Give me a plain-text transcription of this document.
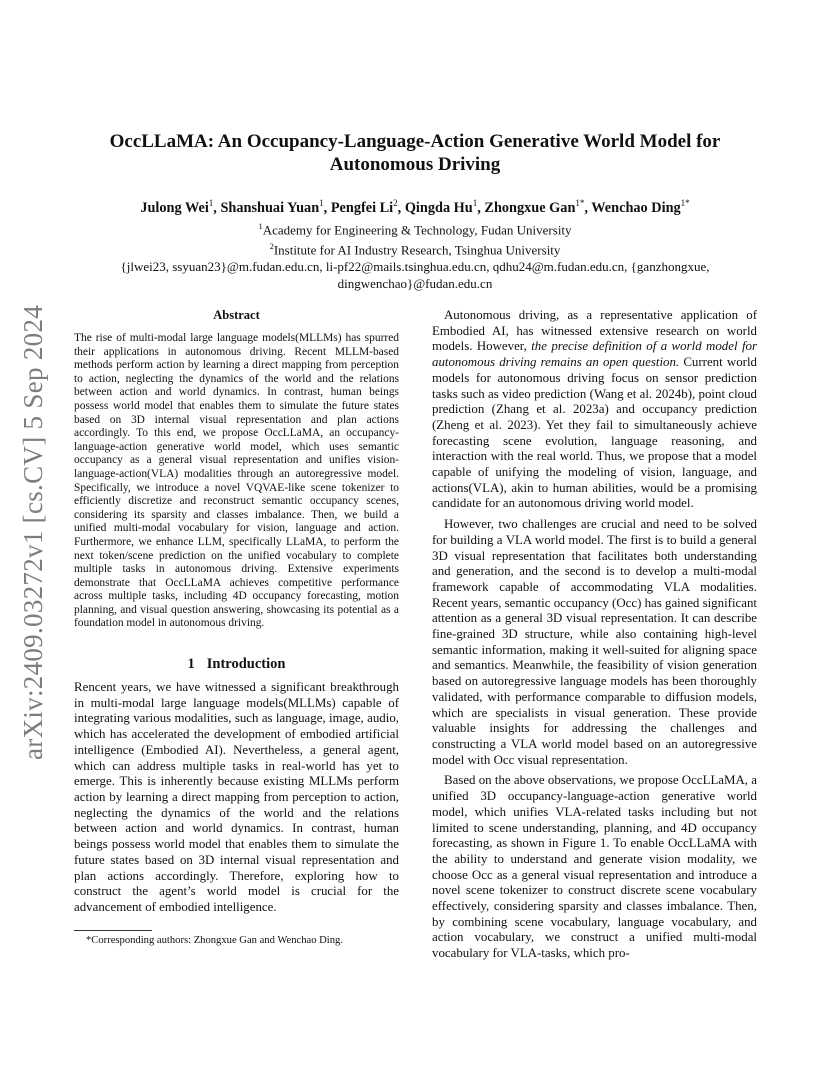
arXiv:2409.03272v1 [cs.CV] 5 Sep 2024
OccLLaMA: An Occupancy-Language-Action Generative World Model for Autonomous Driving
Julong Wei$^1$, Shanshuai Yuan$^1$, Pengfei Li$^2$, Qingda Hu$^1$, Zhongxue Gan$^{1*}$, Wenchao Ding$^{1*}$
$^1$Academy for Engineering & Technology, Fudan University
$^2$Institute for AI Industry Research, Tsinghua University
{jlwei23, ssyuan23}@m.fudan.edu.cn, li-pf22@mails.tsinghua.edu.cn, qdhu24@m.fudan.edu.cn, {ganzhongxue, dingwenchao}@fudan.edu.cn
Abstract

The rise of multi-modal large language models(MLLMs) has spurred their applications in autonomous driving. Recent MLLM-based methods perform action by learning a direct mapping from perception to action, neglecting the dynamics of the world and the relations between action and world dynamics. In contrast, human beings possess world model that enables them to simulate the future states based on 3D internal visual representation and plan actions accordingly. To this end, we propose OccLLaMA, an occupancy-language-action generative world model, which uses semantic occupancy as a general visual representation and unifies vision-language-action(VLA) modalities through an autoregressive model. Specifically, we introduce a novel VQVAE-like scene tokenizer to efficiently discretize and reconstruct semantic occupancy scenes, considering its sparsity and classes imbalance. Then, we build a unified multi-modal vocabulary for vision, language and action. Furthermore, we enhance LLM, specifically LLaMA, to perform the next token/scene prediction on the unified vocabulary to complete multiple tasks in autonomous driving. Extensive experiments demonstrate that OccLLaMA achieves competitive performance across multiple tasks, including 4D occupancy forecasting, motion planning, and visual question answering, showcasing its potential as a foundation model in autonomous driving.

1 Introduction

Rencent years, we have witnessed a significant breakthrough in multi-modal large language models(MLLMs) capable of integrating various modalities, such as language, image, audio, which has accelerated the development of embodied artificial intelligence (Embodied AI). Nevertheless, a general agent, which can address multiple tasks in real-world has yet to emerge. This is inherently because existing MLLMs perform action by learning a direct mapping from perception to action, neglecting the dynamics of the world and the relations between action and world dynamics. In contrast, human beings possess world model that enables them to simulate the future states based on 3D internal visual representation and plan actions accordingly. Therefore, exploring how to construct the agent’s world model is crucial for the advancement of embodied intelligence.

*Corresponding authors: Zhongxue Gan and Wenchao Ding.

Autonomous driving, as a representative application of Embodied AI, has witnessed extensive research on world models. However, the precise definition of a world model for autonomous driving remains an open question. Current world models for autonomous driving focus on sensor prediction tasks such as video prediction (Wang et al. 2024b), point cloud prediction (Zhang et al. 2023a) and occupancy prediction (Zheng et al. 2023). Yet they fail to simultaneously achieve forecasting scene evolution, language reasoning, and interaction with the real world. Thus, we propose that a model capable of unifying the modeling of vision, language, and actions(VLA), akin to human abilities, would be a promising candidate for an autonomous driving world model.

However, two challenges are crucial and need to be solved for building a VLA world model. The first is to build a general 3D visual representation that facilitates both understanding and generation, and the second is to develop a multi-modal framework capable of accommodating VLA modalities. Recent years, semantic occupancy (Occ) has gained significant attention as a general 3D visual representation. It can describe fine-grained 3D structure, while also containing high-level semantic information, making it well-suited for aligning space and semantics. Meanwhile, the feasibility of vision generation based on autoregressive language models has been thoroughly validated, with performance comparable to diffusion models, which are specialists in visual generation. These provide valuable insights for addressing the challenges and constructing a VLA world model based on an autoregressive model with Occ visual representation.

Based on the above observations, we propose OccLLaMA, a unified 3D occupancy-language-action generative world model, which unifies VLA-related tasks including but not limited to scene understanding, planning, and 4D occupancy forecasting, as shown in Figure 1. To enable OccLLaMA with the ability to understand and generate vision modality, we choose Occ as a general visual representation and introduce a novel scene tokenizer to construct discrete scene vocabulary effectively, considering sparsity and classes imbalance. Then, by combining scene vocabulary, language vocabulary, and action vocabulary, we construct a unified multi-modal vocabulary for VLA-tasks, which pro-
